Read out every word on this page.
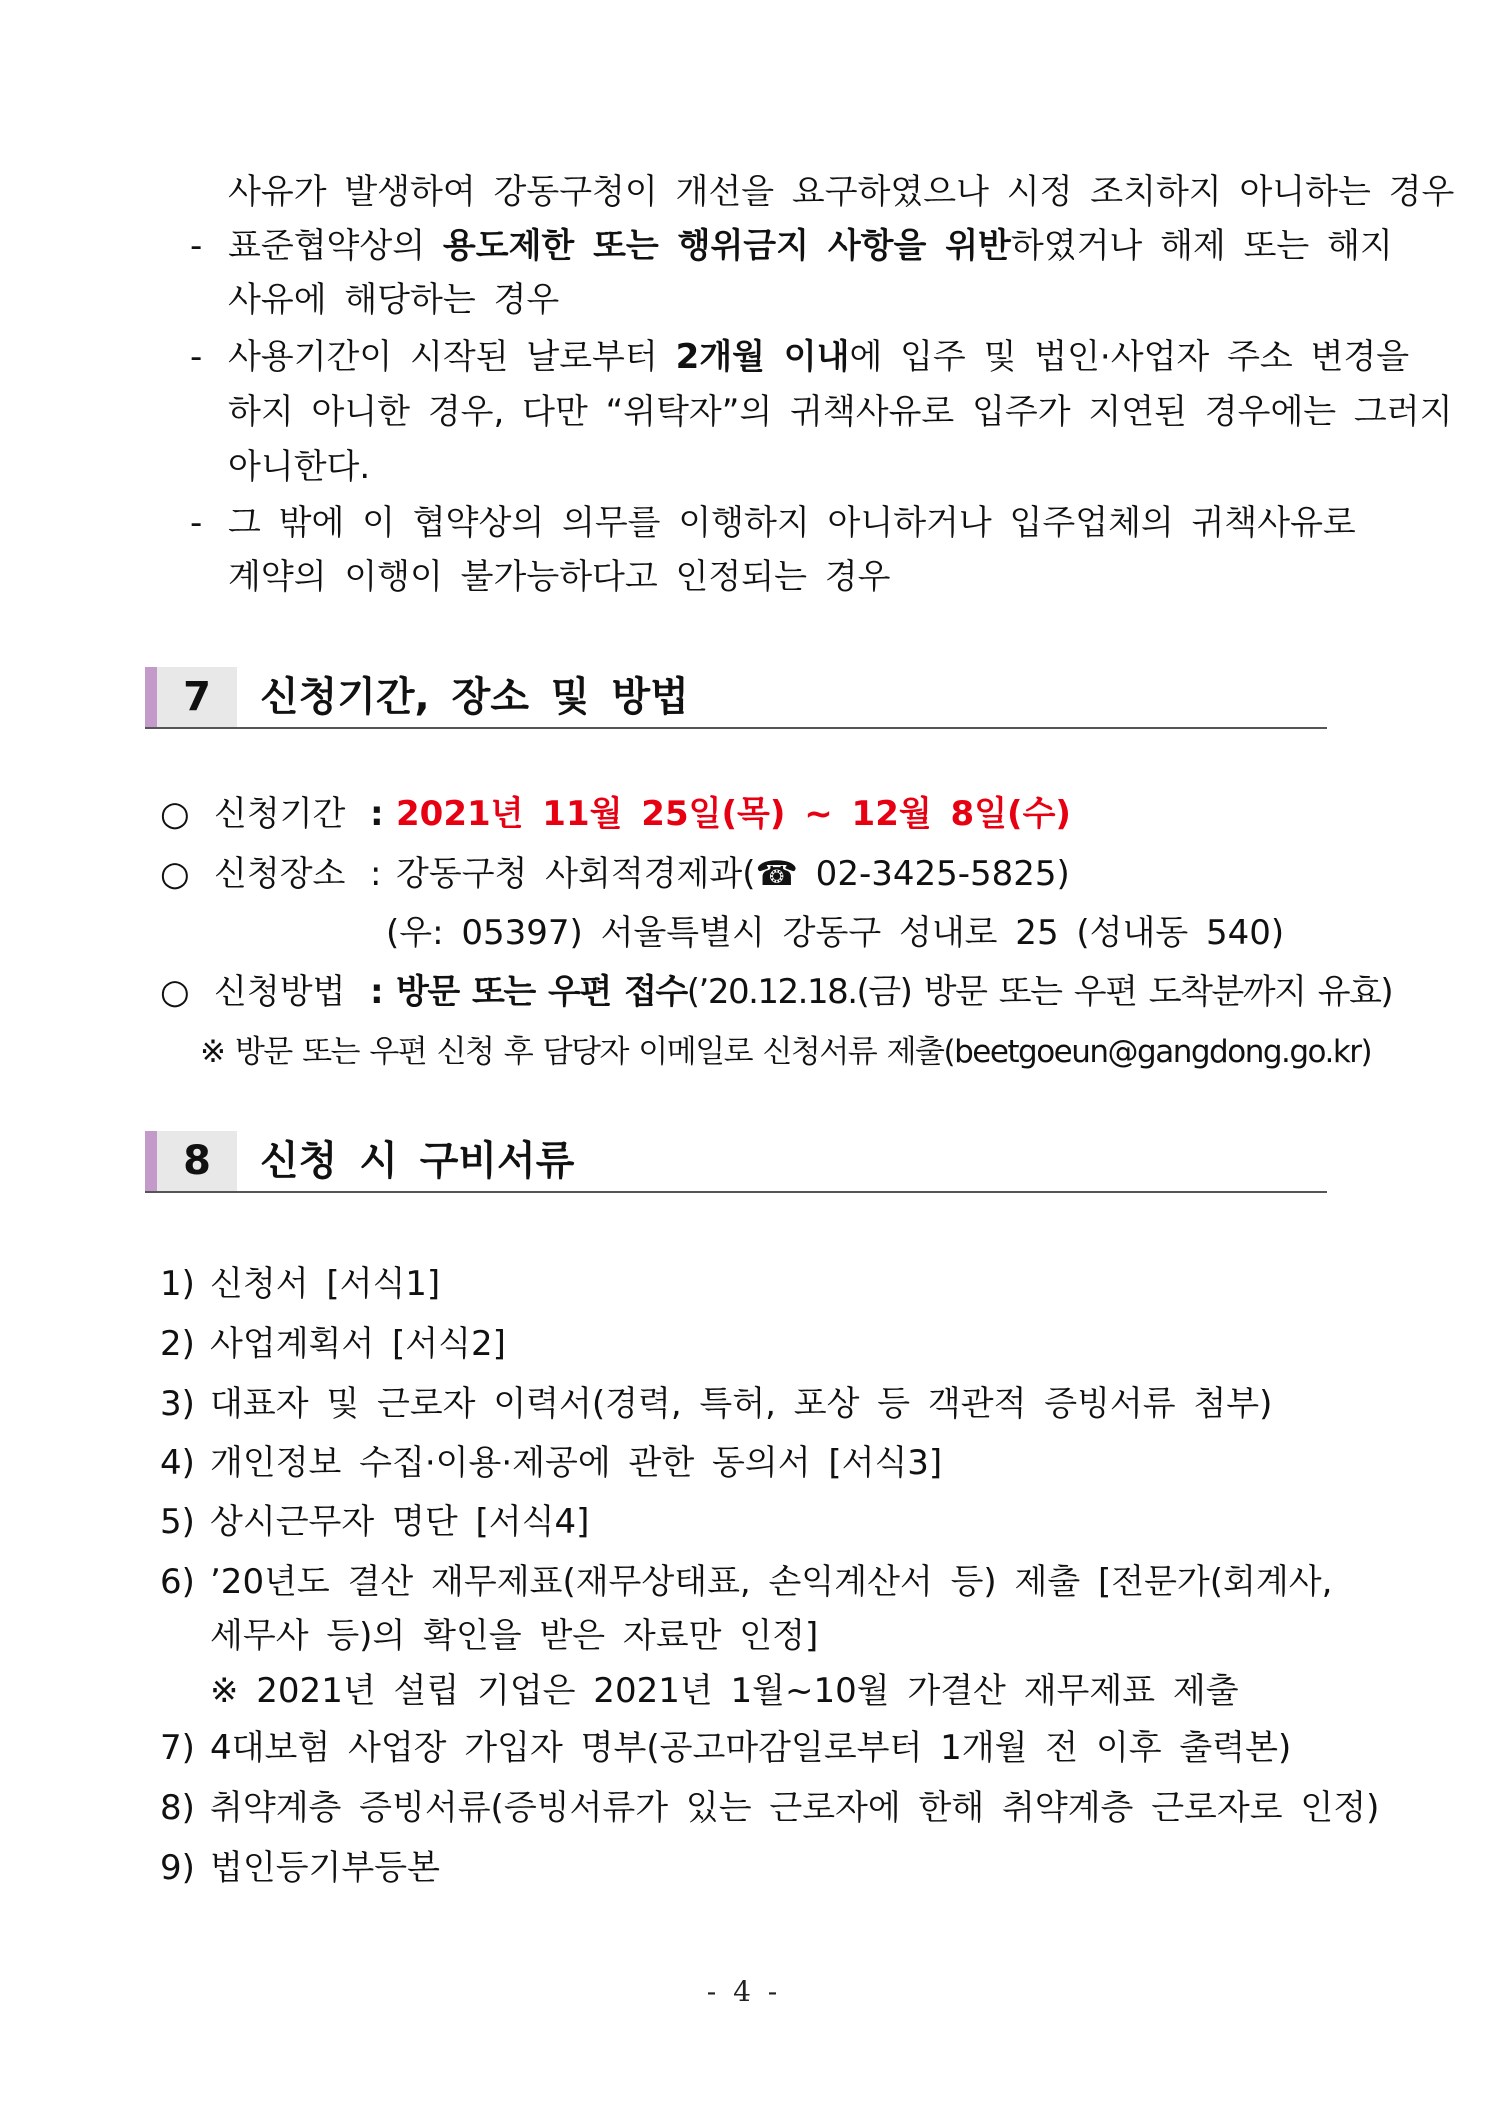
사유가 발생하여 강동구청이 개선을 요구하였으나 시정 조치하지 아니하는 경우
- 표준협약상의 용도제한 또는 행위금지 사항을 위반하였거나 해제 또는 해지
사유에 해당하는 경우
- 사용기간이 시작된 날로부터 2개월 이내에 입주 및 법인·사업자 주소 변경을
하지 아니한 경우, 다만 “위탁자”의 귀책사유로 입주가 지연된 경우에는 그러지
아니한다.
- 그 밖에 이 협약상의 의무를 이행하지 아니하거나 입주업체의 귀책사유로
계약의 이행이 불가능하다고 인정되는 경우
7	신청기간, 장소 및 방법
○ 신청기간 : 2021년 11월 25일(목) ~ 12월 8일(수)
○ 신청장소 : 강동구청 사회적경제과(☎ 02-3425-5825)
(우: 05397) 서울특별시 강동구 성내로 25 (성내동 540)
○ 신청방법 : 방문 또는 우편 접수(’20.12.18.(금) 방문 또는 우편 도착분까지 유효)
※ 방문 또는 우편 신청 후 담당자 이메일로 신청서류 제출(beetgoeun@gangdong.go.kr)
8	신청 시 구비서류
1) 신청서 [서식1]
2) 사업계획서 [서식2]
3) 대표자 및 근로자 이력서(경력, 특허, 포상 등 객관적 증빙서류 첨부)
4) 개인정보 수집·이용·제공에 관한 동의서 [서식3]
5) 상시근무자 명단 [서식4]
6) ’20년도 결산 재무제표(재무상태표, 손익계산서 등) 제출 [전문가(회계사,
세무사 등)의 확인을 받은 자료만 인정]
※ 2021년 설립 기업은 2021년 1월~10월 가결산 재무제표 제출
7) 4대보험 사업장 가입자 명부(공고마감일로부터 1개월 전 이후 출력본)
8) 취약계층 증빙서류(증빙서류가 있는 근로자에 한해 취약계층 근로자로 인정)
9) 법인등기부등본
- 4 -
